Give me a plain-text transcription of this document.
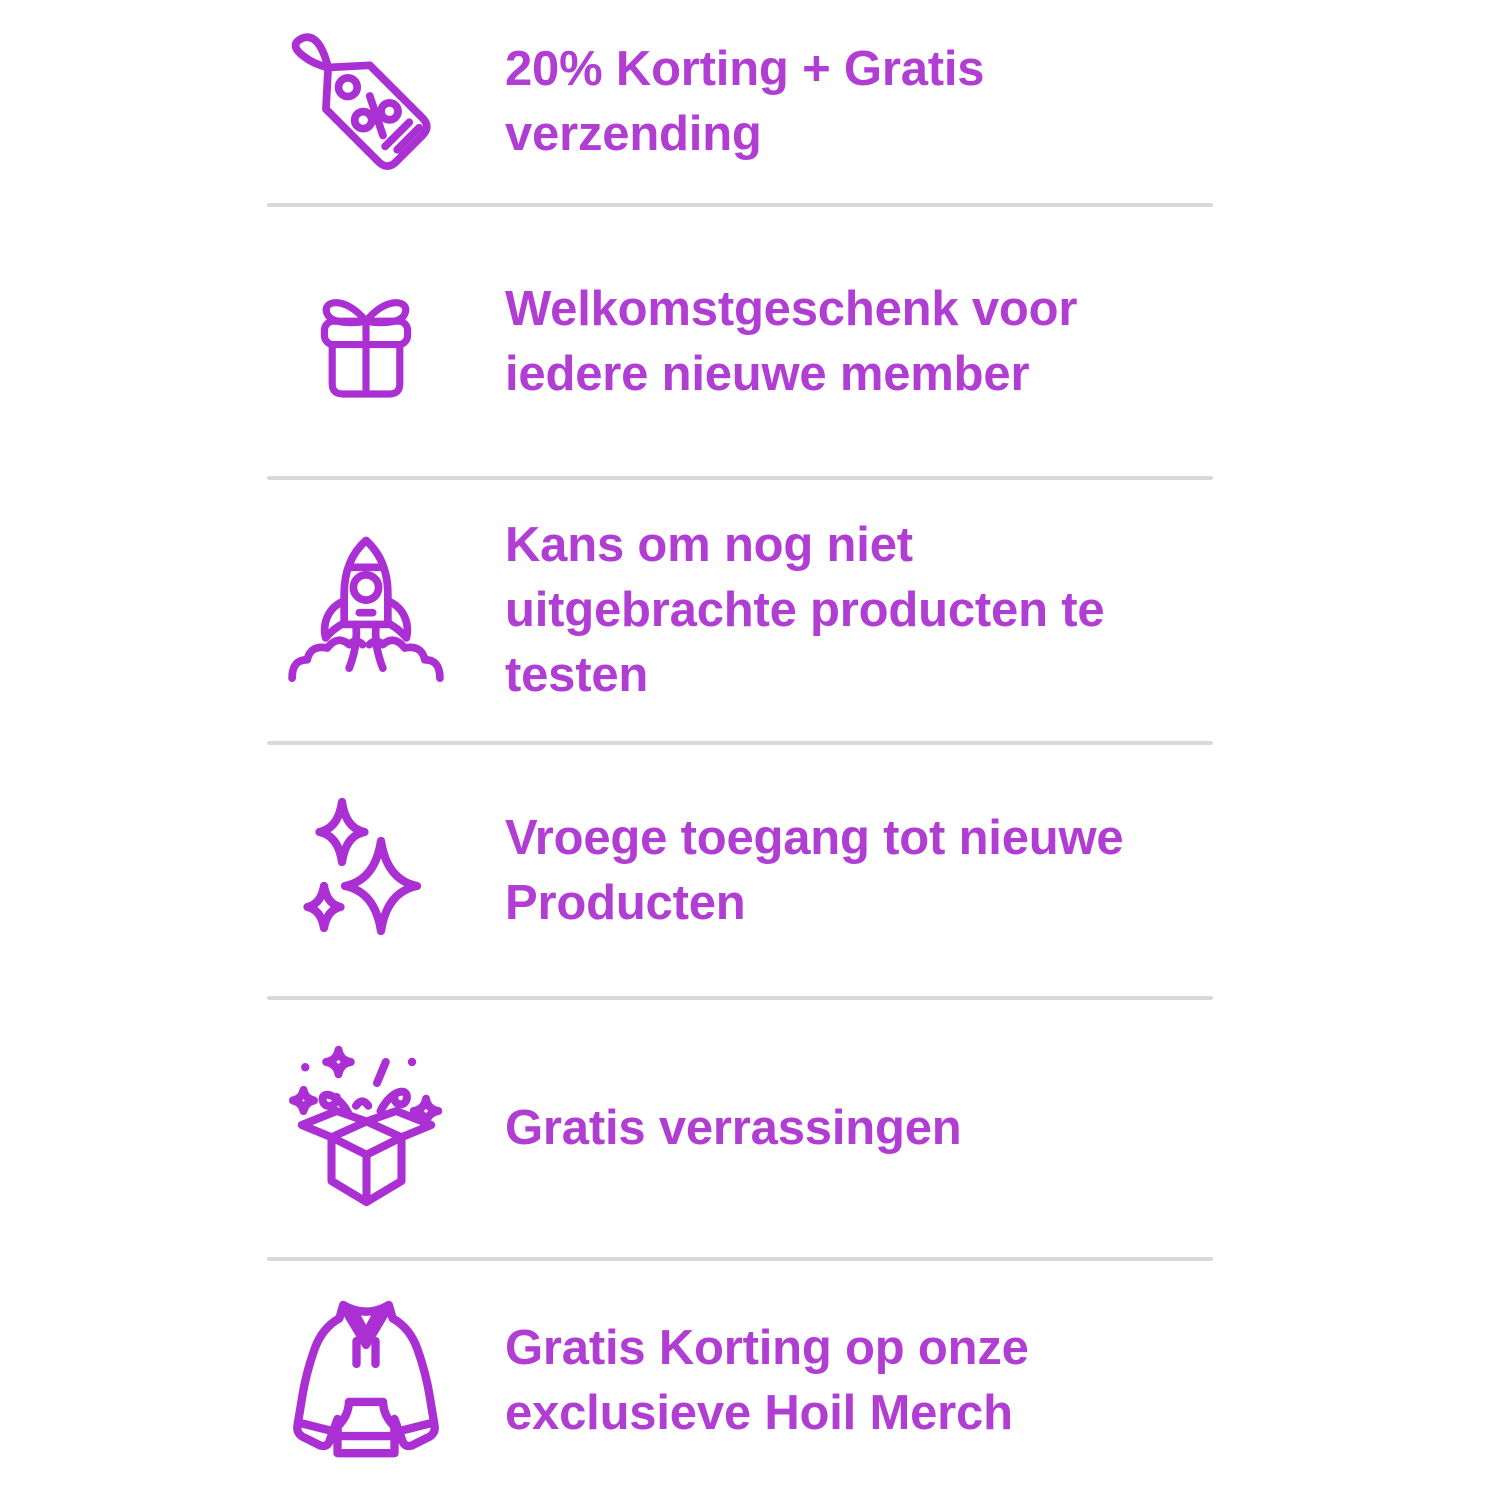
20% Korting + Gratis verzending
Welkomstgeschenk voor iedere nieuwe member
Kans om nog niet uitgebrachte producten te testen
Vroege toegang tot nieuwe Producten
Gratis verrassingen
Gratis Korting op onze exclusieve Hoil Merch
